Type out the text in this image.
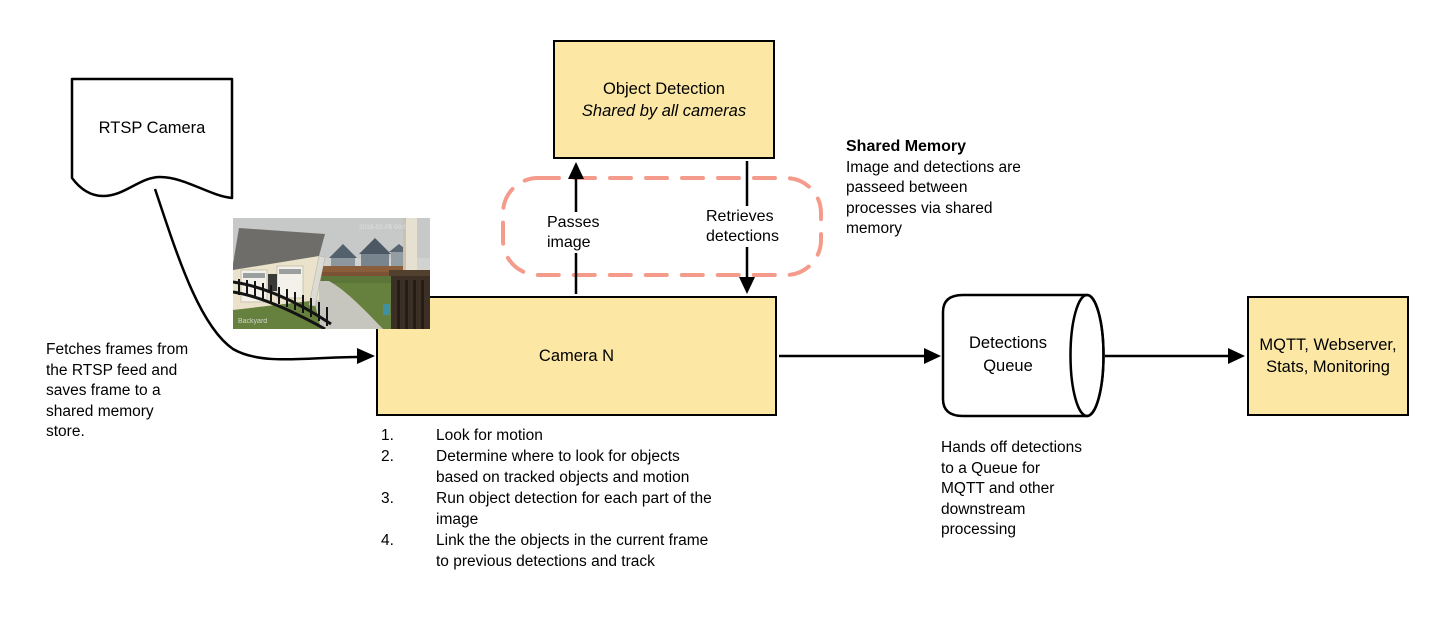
RTSP Camera
Fetches frames from
the RTSP feed and
saves frame to a
shared memory
store.
Object Detection
Shared by all cameras
Shared Memory
Image and detections are
passeed between
processes via shared
memory
Passes
image
Retrieves
detections
Camera N
1.	Look for motion
2.	Determine where to look for objects
based on tracked objects and motion
3.	Run object detection for each part of the
image
4.	Link the the objects in the current frame
to previous detections and track
Detections
Queue
Hands off detections
to a Queue for
MQTT and other
downstream
processing
MQTT, Webserver,
Stats, Monitoring
2019-02-05 00:00
Backyard
